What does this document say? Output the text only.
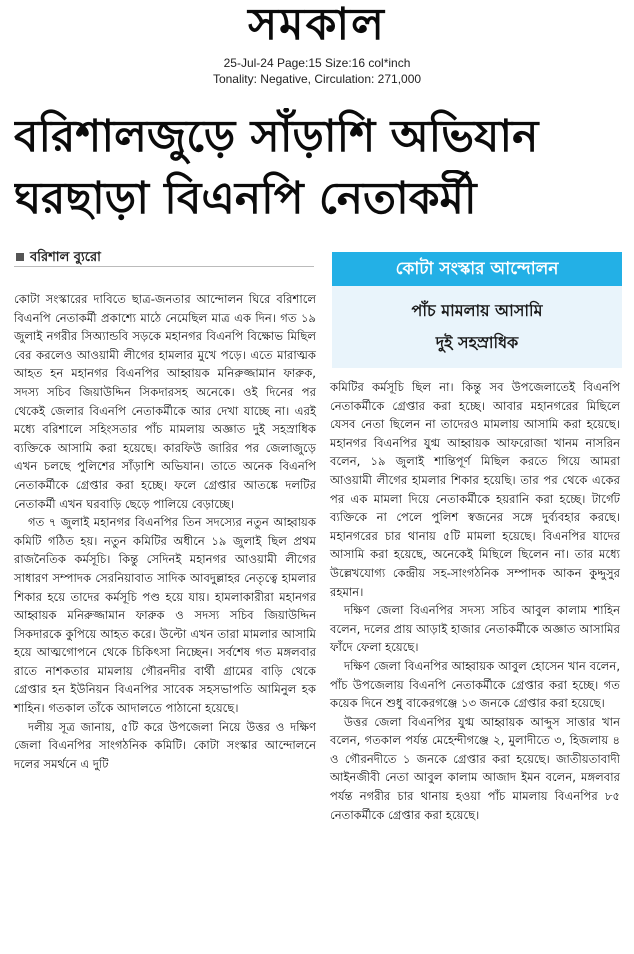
সমকাল
25-Jul-24 Page:15 Size:16 col*inch
Tonality: Negative, Circulation: 271,000
বরিশালজুড়ে সাঁড়াশি অভিযান
ঘরছাড়া বিএনপি নেতাকর্মী
বরিশাল ব্যুরো
কোটা সংস্কার আন্দোলন
পাঁচ মামলায় আসামি
দুই সহস্রাধিক

কোটা সংস্কারের দাবিতে ছাত্র-জনতার আন্দোলন ঘিরে বরিশালে বিএনপি নেতাকর্মী প্রকাশ্যে মাঠে নেমেছিল মাত্র এক দিন। গত ১৯ জুলাই নগরীর সিঅ্যান্ডবি সড়কে মহানগর বিএনপি বিক্ষোভ মিছিল বের করলেও আওয়ামী লীগের হামলার মুখে পড়ে। এতে মারাত্মক আহত হন মহানগর বিএনপির আহ্বায়ক মনিরুজ্জামান ফারুক, সদস্য সচিব জিয়াউদ্দিন সিকদারসহ অনেকে। ওই দিনের পর থেকেই জেলার বিএনপি নেতাকর্মীকে আর দেখা যাচ্ছে না। এরই মধ্যে বরিশালে সহিংসতার পাঁচ মামলায় অজ্ঞাত দুই সহস্রাধিক ব্যক্তিকে আসামি করা হয়েছে। কারফিউ জারির পর জেলাজুড়ে এখন চলছে পুলিশের সাঁড়াশি অভিযান। তাতে অনেক বিএনপি নেতাকর্মীকে গ্রেপ্তার করা হচ্ছে। ফলে গ্রেপ্তার আতঙ্কে দলটির নেতাকর্মী এখন ঘরবাড়ি ছেড়ে পালিয়ে বেড়াচ্ছে।

গত ৭ জুলাই মহানগর বিএনপির তিন সদস্যের নতুন আহ্বায়ক কমিটি গঠিত হয়। নতুন কমিটির অধীনে ১৯ জুলাই ছিল প্রথম রাজনৈতিক কর্মসূচি। কিন্তু সেদিনই মহানগর আওয়ামী লীগের সাধারণ সম্পাদক সেরনিয়াবাত সাদিক আবদুল্লাহর নেতৃত্বে হামলার শিকার হয়ে তাদের কর্মসূচি পণ্ড হয়ে যায়। হামলাকারীরা মহানগর আহ্বায়ক মনিরুজ্জামান ফারুক ও সদস্য সচিব জিয়াউদ্দিন সিকদারকে কুপিয়ে আহত করে। উল্টো এখন তারা মামলার আসামি হয়ে আত্মগোপনে থেকে চিকিৎসা নিচ্ছেন। সর্বশেষ গত মঙ্গলবার রাতে নাশকতার মামলায় গৌরনদীর বার্থী গ্রামের বাড়ি থেকে গ্রেপ্তার হন ইউনিয়ন বিএনপির সাবেক সহসভাপতি আমিনুল হক শাহিন। গতকাল তাঁকে আদালতে পাঠানো হয়েছে।

দলীয় সূত্র জানায়, ৫টি করে উপজেলা নিয়ে উত্তর ও দক্ষিণ জেলা বিএনপির সাংগঠনিক কমিটি। কোটা সংস্কার আন্দোলনে দলের সমর্থনে এ দুটি

কমিটির কর্মসূচি ছিল না। কিন্তু সব উপজেলাতেই বিএনপি নেতাকর্মীকে গ্রেপ্তার করা হচ্ছে। আবার মহানগরের মিছিলে যেসব নেতা ছিলেন না তাদেরও মামলায় আসামি করা হয়েছে। মহানগর বিএনপির যুগ্ম আহ্বায়ক আফরোজা খানম নাসরিন বলেন, ১৯ জুলাই শান্তিপূর্ণ মিছিল করতে গিয়ে আমরা আওয়ামী লীগের হামলার শিকার হয়েছি। তার পর থেকে একের পর এক মামলা দিয়ে নেতাকর্মীকে হয়রানি করা হচ্ছে। টার্গেট ব্যক্তিকে না পেলে পুলিশ স্বজনের সঙ্গে দুর্ব্যবহার করছে। মহানগরের চার থানায় ৫টি মামলা হয়েছে। বিএনপির যাদের আসামি করা হয়েছে, অনেকেই মিছিলে ছিলেন না। তার মধ্যে উল্লেখযোগ্য কেন্দ্রীয় সহ-সাংগঠনিক সম্পাদক আকন কুদ্দুসুর রহমান।

দক্ষিণ জেলা বিএনপির সদস্য সচিব আবুল কালাম শাহিন বলেন, দলের প্রায় আড়াই হাজার নেতাকর্মীকে অজ্ঞাত আসামির ফাঁদে ফেলা হয়েছে।

দক্ষিণ জেলা বিএনপির আহ্বায়ক আবুল হোসেন খান বলেন, পাঁচ উপজেলায় বিএনপি নেতাকর্মীকে গ্রেপ্তার করা হচ্ছে। গত কয়েক দিনে শুধু বাকেরগঞ্জে ১৩ জনকে গ্রেপ্তার করা হয়েছে।

উত্তর জেলা বিএনপির যুগ্ম আহ্বায়ক আব্দুস সাত্তার খান বলেন, গতকাল পর্যন্ত মেহেন্দীগঞ্জে ২, মুলাদীতে ৩, হিজলায় ৪ ও গৌরনদীতে ১ জনকে গ্রেপ্তার করা হয়েছে। জাতীয়তাবাদী আইনজীবী নেতা আবুল কালাম আজাদ ইমন বলেন, মঙ্গলবার পর্যন্ত নগরীর চার থানায় হওয়া পাঁচ মামলায় বিএনপির ৮৫ নেতাকর্মীকে গ্রেপ্তার করা হয়েছে।
